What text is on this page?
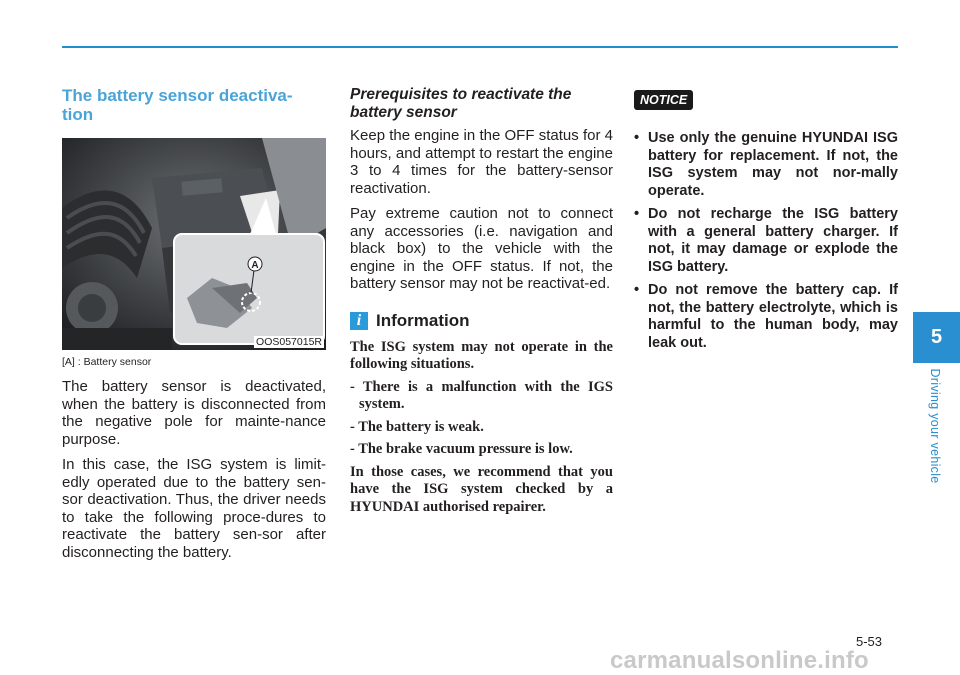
The battery sensor deactiva-
tion
A
OOS057015R
[A] : Battery sensor

The battery sensor is deactivated, when the battery is disconnected from the negative pole for mainte-nance purpose.

In this case, the ISG system is limit-edly operated due to the battery sen-sor deactivation. Thus, the driver needs to take the following proce-dures to reactivate the battery sen-sor after disconnecting the battery.

Prerequisites to reactivate the battery sensor

Keep the engine in the OFF status for 4 hours, and attempt to restart the engine 3 to 4 times for the battery-sensor reactivation.

Pay extreme caution not to connect any accessories (i.e. navigation and black box) to the vehicle with the engine in the OFF status. If not, the battery sensor may not be reactivat-ed.

i Information

The ISG system may not operate in the following situations.

- There is a malfunction with the IGS system.

- The battery is weak.

- The brake vacuum pressure is low.

In those cases, we recommend that you have the ISG system checked by a HYUNDAI authorised repairer.

NOTICE
• Use only the genuine HYUNDAI ISG battery for replacement. If not, the ISG system may not nor-mally operate.
• Do not recharge the ISG battery with a general battery charger. If not, it may damage or explode the ISG battery.
• Do not remove the battery cap. If not, the battery electrolyte, which is harmful to the human body, may leak out.	5
Driving your vehicle
5-53
carmanualsonline.info
